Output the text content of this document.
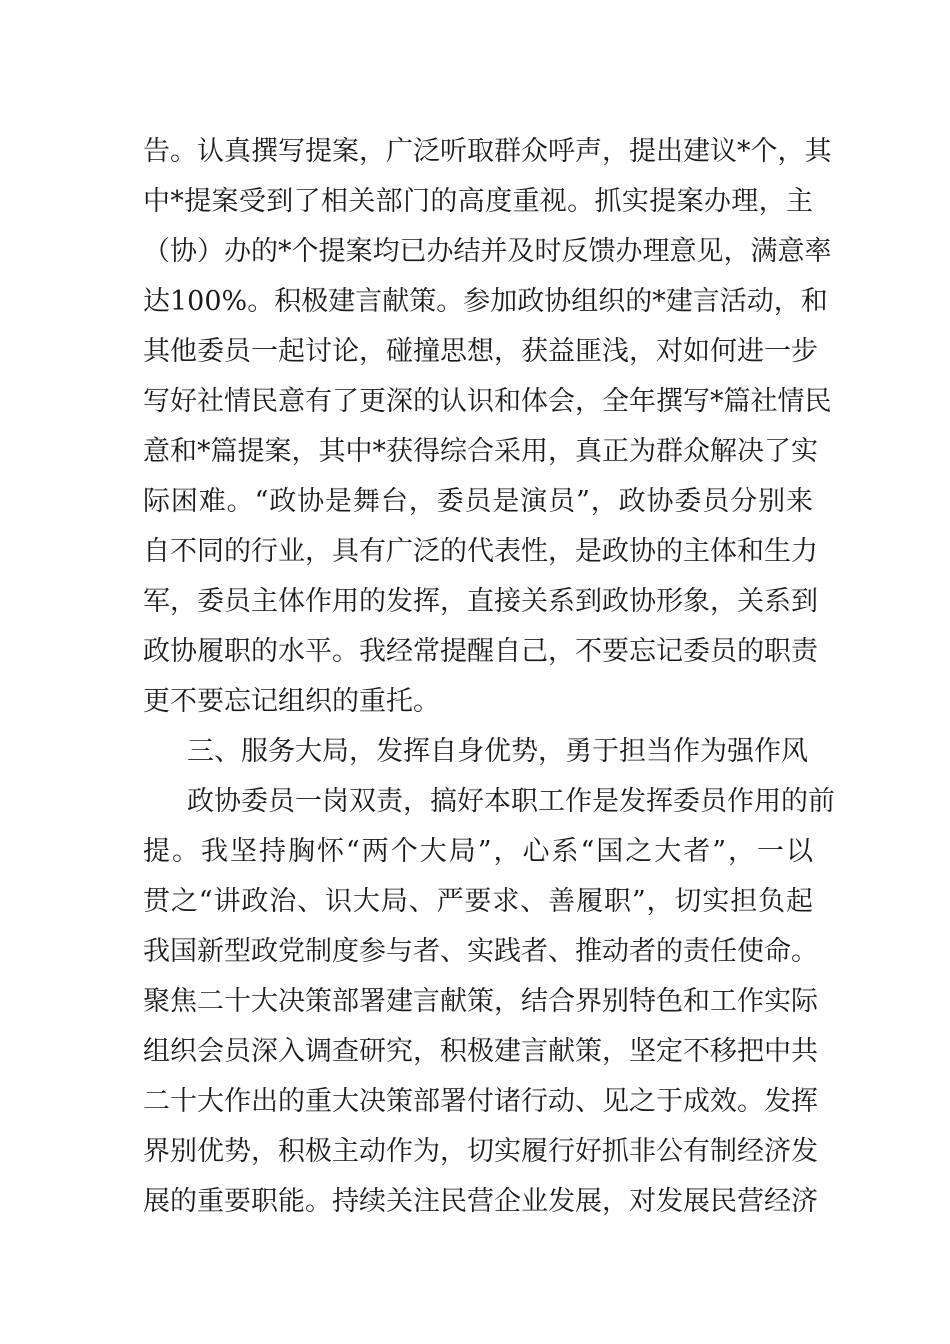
告。认真撰写提案，广泛听取群众呼声，提出建议*个，其
中*提案受到了相关部门的高度重视。抓实提案办理，主
（协）办的*个提案均已办结并及时反馈办理意见，满意率
达100%。积极建言献策。参加政协组织的*建言活动，和
其他委员一起讨论，碰撞思想，获益匪浅，对如何进一步
写好社情民意有了更深的认识和体会，全年撰写*篇社情民
意和*篇提案，其中*获得综合采用，真正为群众解决了实
际困难。“政协是舞台，委员是演员”，政协委员分别来
自不同的行业，具有广泛的代表性，是政协的主体和生力
军，委员主体作用的发挥，直接关系到政协形象，关系到
政协履职的水平。我经常提醒自己，不要忘记委员的职责
更不要忘记组织的重托。
三、服务大局，发挥自身优势，勇于担当作为强作风
政协委员一岗双责，搞好本职工作是发挥委员作用的前
提。我坚持胸怀“两个大局”，心系“国之大者”，一以
贯之“讲政治、识大局、严要求、善履职”，切实担负起
我国新型政党制度参与者、实践者、推动者的责任使命。
聚焦二十大决策部署建言献策，结合界别特色和工作实际
组织会员深入调查研究，积极建言献策，坚定不移把中共
二十大作出的重大决策部署付诸行动、见之于成效。发挥
界别优势，积极主动作为，切实履行好抓非公有制经济发
展的重要职能。持续关注民营企业发展，对发展民营经济
